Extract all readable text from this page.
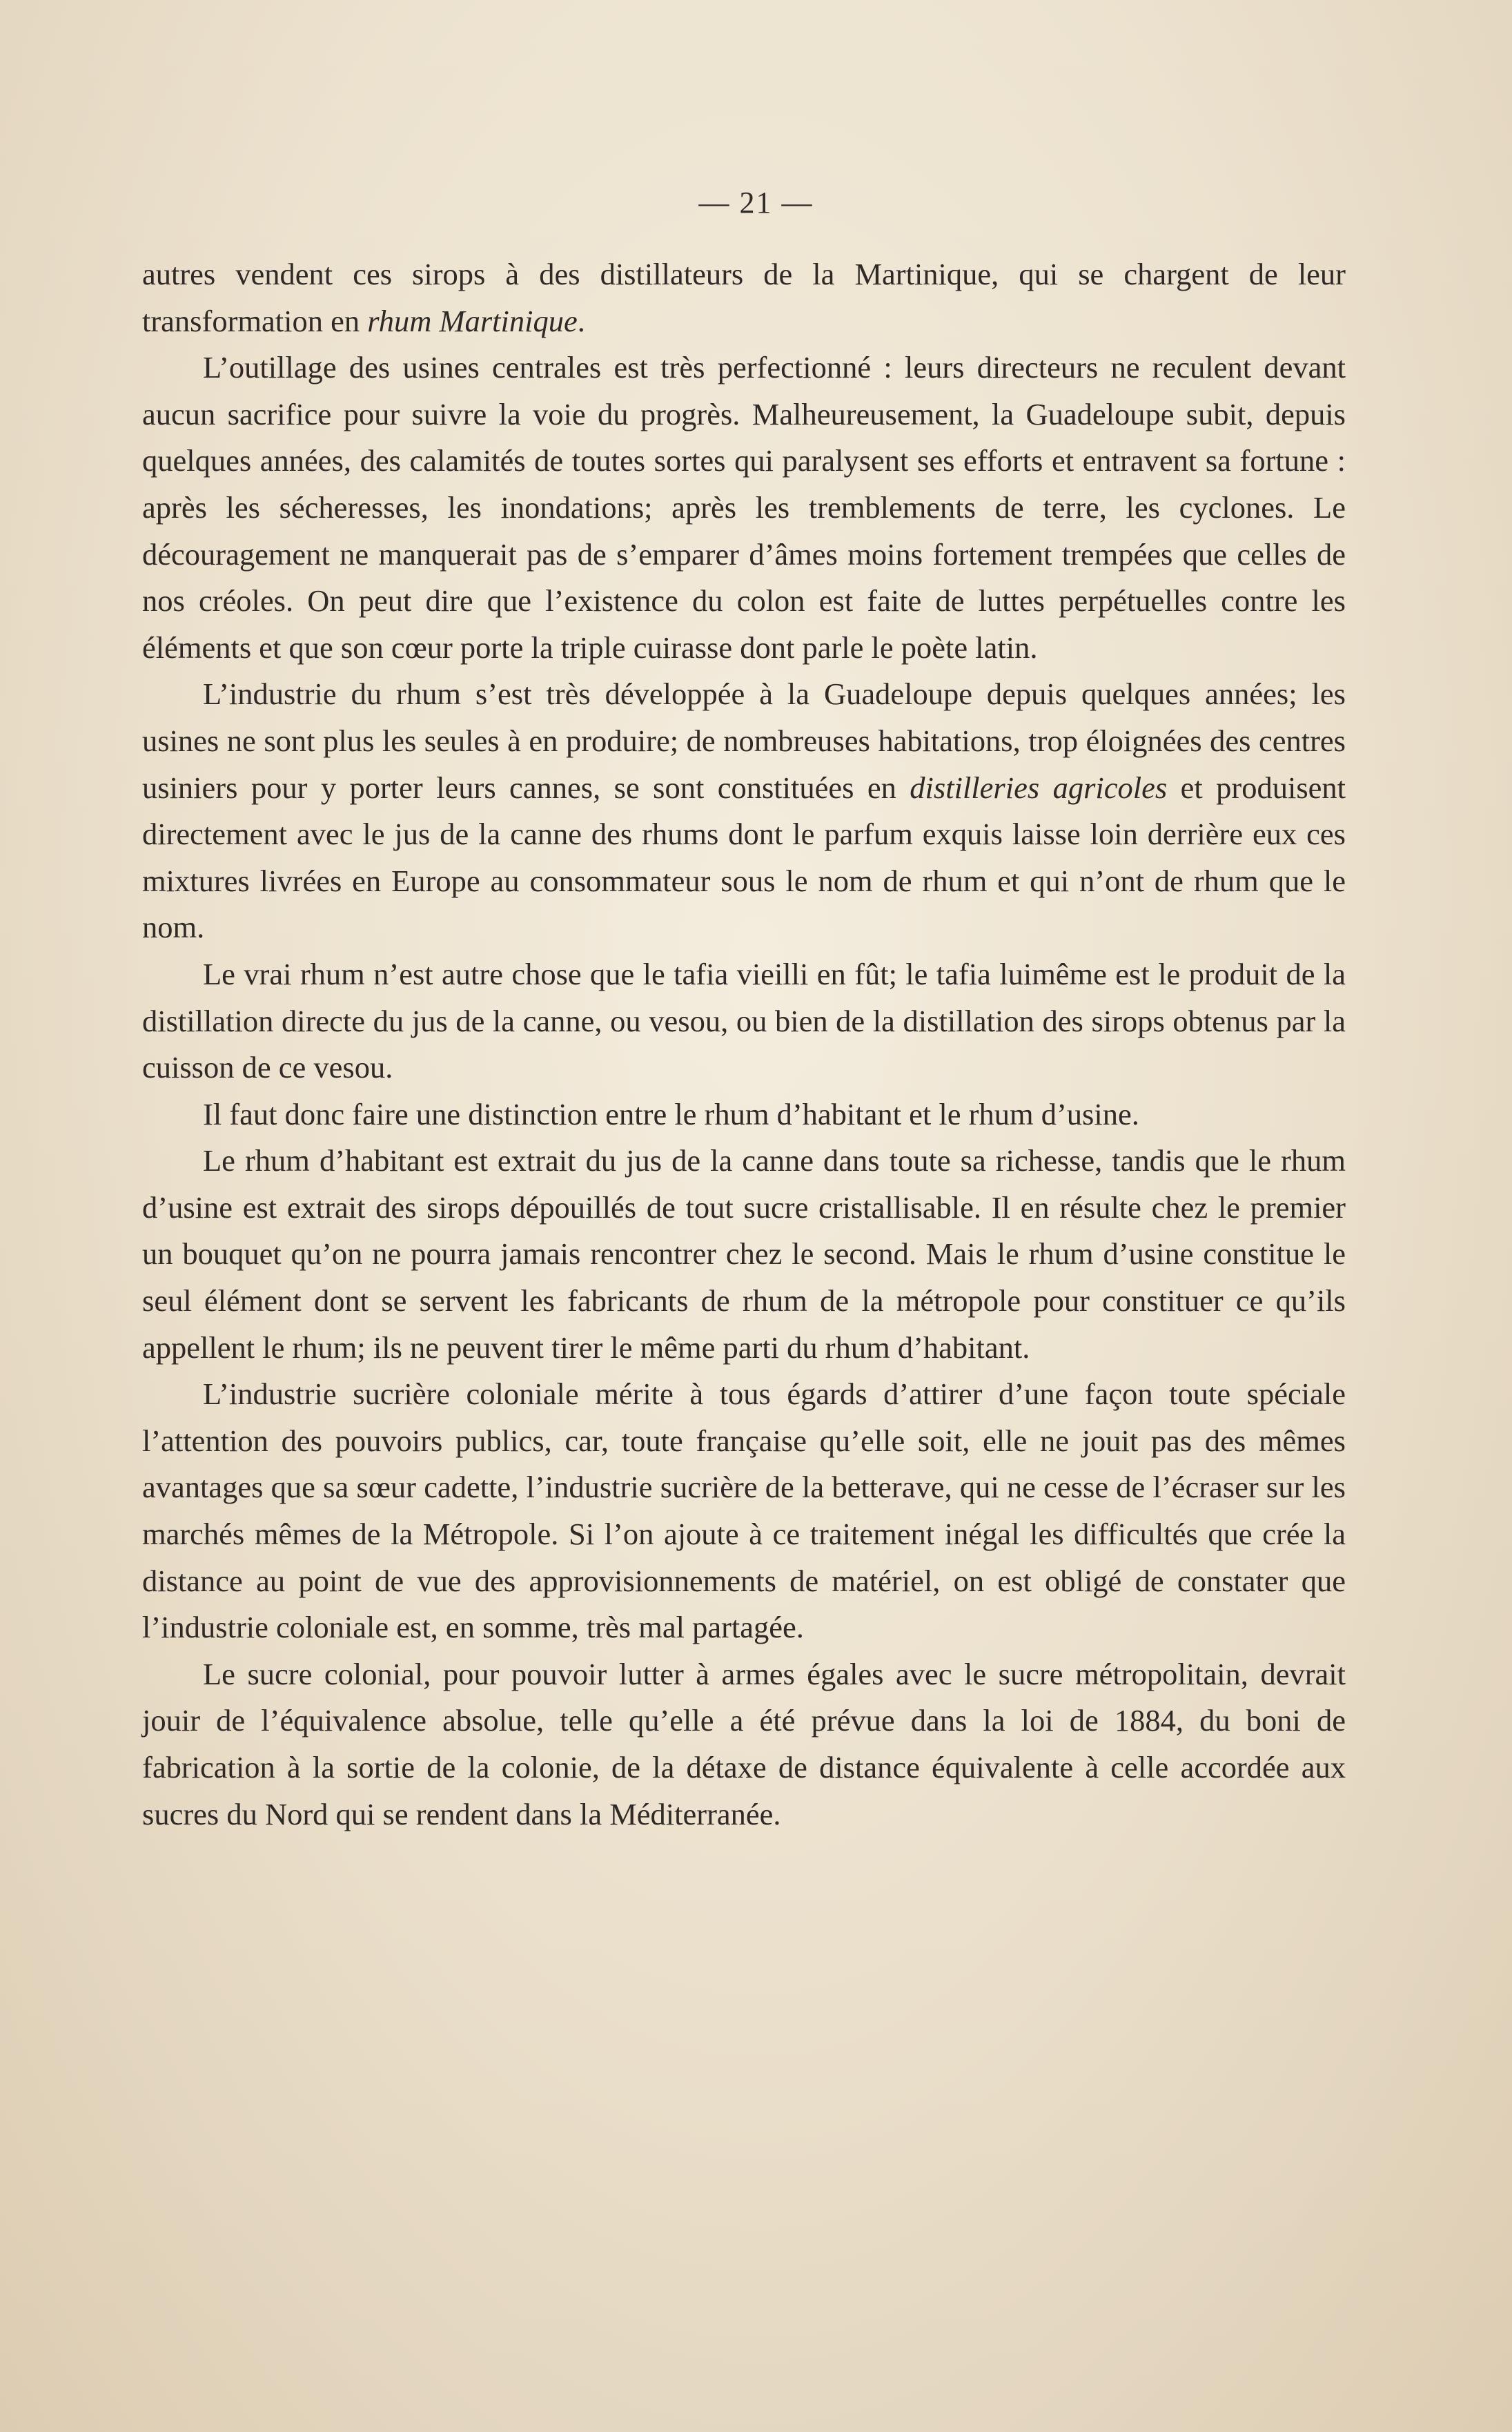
— 21 —

autres vendent ces sirops à des distillateurs de la Martinique, qui se chargent de leur transformation en rhum Martinique.

L’outillage des usines centrales est très perfectionné : leurs directeurs ne reculent devant aucun sacrifice pour suivre la voie du progrès. Malheureusement, la Guadeloupe subit, depuis quelques années, des calamités de toutes sortes qui paralysent ses efforts et entravent sa fortune : après les sécheresses, les inondations; après les tremblements de terre, les cyclones. Le découragement ne manquerait pas de s’emparer d’âmes moins fortement trempées que celles de nos créoles. On peut dire que l’existence du colon est faite de luttes perpétuelles contre les éléments et que son cœur porte la triple cuirasse dont parle le poète latin.

L’industrie du rhum s’est très développée à la Guadeloupe depuis quelques années; les usines ne sont plus les seules à en produire; de nombreuses habitations, trop éloignées des centres usiniers pour y porter leurs cannes, se sont constituées en distilleries agricoles et produisent directement avec le jus de la canne des rhums dont le parfum exquis laisse loin derrière eux ces mixtures livrées en Europe au consommateur sous le nom de rhum et qui n’ont de rhum que le nom.

Le vrai rhum n’est autre chose que le tafia vieilli en fût; le tafia luimême est le produit de la distillation directe du jus de la canne, ou vesou, ou bien de la distillation des sirops obtenus par la cuisson de ce vesou.

Il faut donc faire une distinction entre le rhum d’habitant et le rhum d’usine.

Le rhum d’habitant est extrait du jus de la canne dans toute sa richesse, tandis que le rhum d’usine est extrait des sirops dépouillés de tout sucre cristallisable. Il en résulte chez le premier un bouquet qu’on ne pourra jamais rencontrer chez le second. Mais le rhum d’usine constitue le seul élément dont se servent les fabricants de rhum de la métropole pour constituer ce qu’ils appellent le rhum; ils ne peuvent tirer le même parti du rhum d’habitant.

L’industrie sucrière coloniale mérite à tous égards d’attirer d’une façon toute spéciale l’attention des pouvoirs publics, car, toute française qu’elle soit, elle ne jouit pas des mêmes avantages que sa sœur cadette, l’industrie sucrière de la betterave, qui ne cesse de l’écraser sur les marchés mêmes de la Métropole. Si l’on ajoute à ce traitement inégal les difficultés que crée la distance au point de vue des approvisionnements de matériel, on est obligé de constater que l’industrie coloniale est, en somme, très mal partagée.

Le sucre colonial, pour pouvoir lutter à armes égales avec le sucre métropolitain, devrait jouir de l’équivalence absolue, telle qu’elle a été prévue dans la loi de 1884, du boni de fabrication à la sortie de la colonie, de la détaxe de distance équivalente à celle accordée aux sucres du Nord qui se rendent dans la Méditerranée.
